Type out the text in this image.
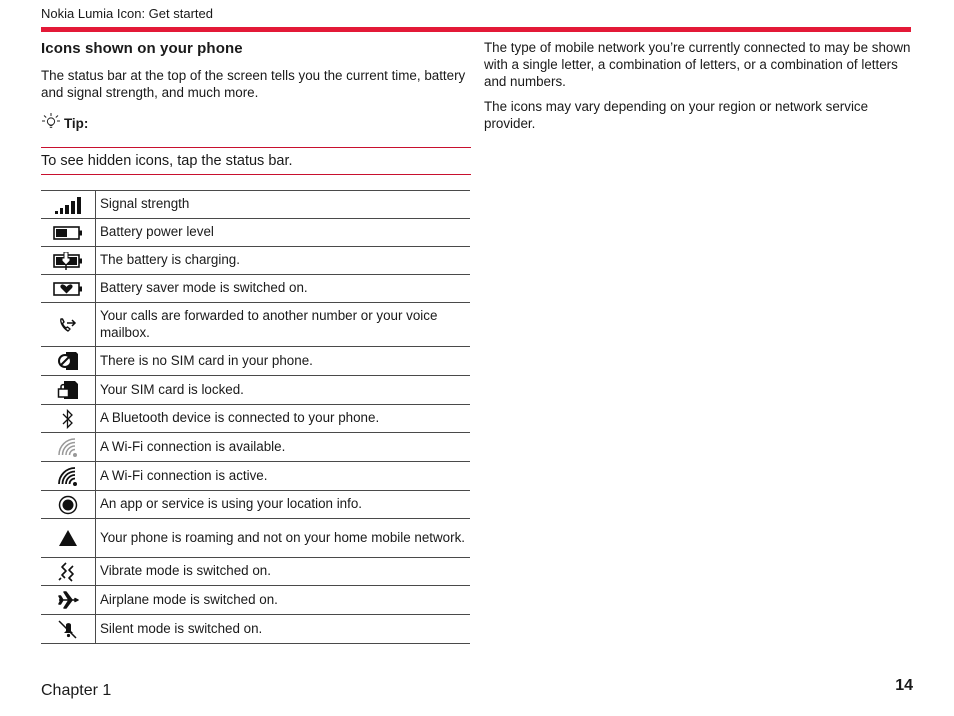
Nokia Lumia Icon: Get started
Icons shown on your phone

The status bar at the top of the screen tells you the current time, battery and signal strength, and much more.

Tip:
To see hidden icons, tap the status bar.
	Signal strength

	Battery power level

	The battery is charging.

	Battery saver mode is switched on.

	Your calls are forwarded to another number or your voice mailbox.

	There is no SIM card in your phone.

	Your SIM card is locked.

	A Bluetooth device is connected to your phone.

	A Wi-Fi connection is available.

	A Wi-Fi connection is active.

	An app or service is using your location info.

	Your phone is roaming and not on your home mobile network.

	Vibrate mode is switched on.

	Airplane mode is switched on.

	Silent mode is switched on.

The type of mobile network you’re currently connected to may be shown with a single letter, a combination of letters, or a combination of letters and numbers.

The icons may vary depending on your region or network service provider.

Chapter 1	14
